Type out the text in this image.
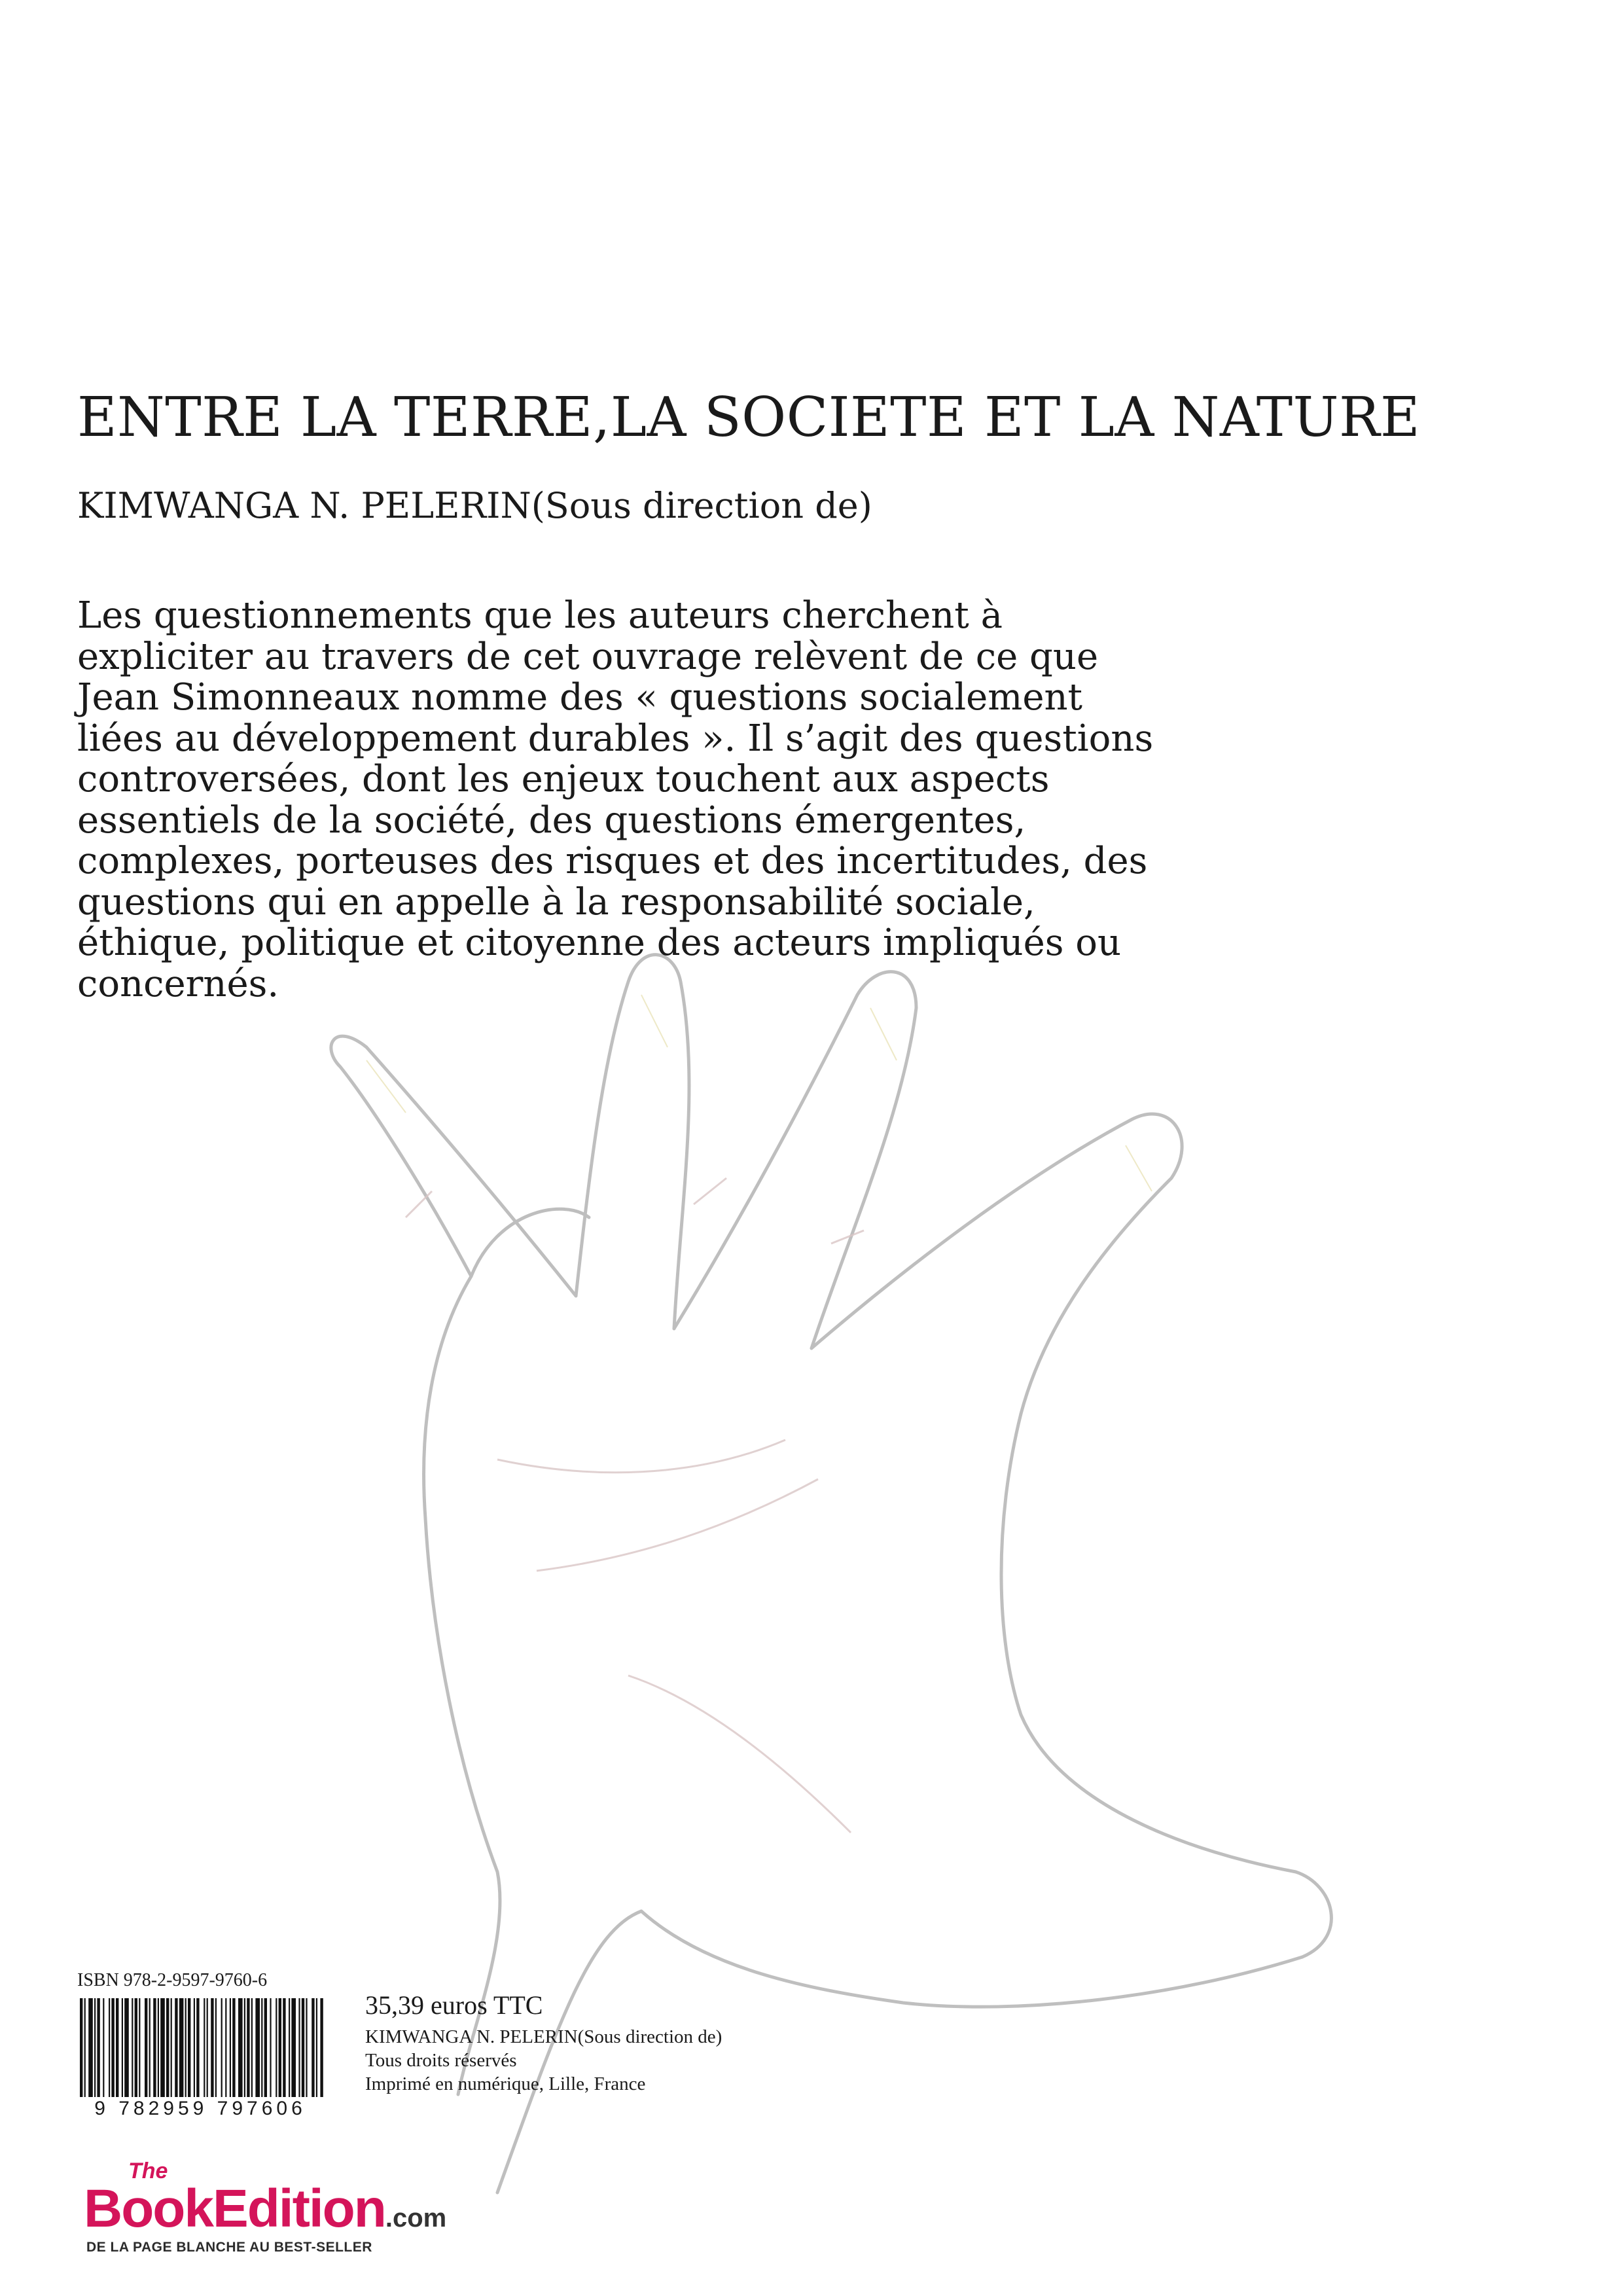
ENTRE LA TERRE,LA SOCIETE ET LA NATURE
KIMWANGA N. PELERIN(Sous direction de)
Les questionnements que les auteurs cherchent à
expliciter au travers de cet ouvrage relèvent de ce que
Jean Simonneaux nomme des « questions socialement
liées au développement durables ». Il s’agit des questions
controversées, dont les enjeux touchent aux aspects
essentiels de la société, des questions émergentes,
complexes, porteuses des risques et des incertitudes, des
questions qui en appelle à la responsabilité sociale,
éthique, politique et citoyenne des acteurs impliqués ou
concernés.
ISBN 978-2-9597-9760-6
9 782959 797606
35,39 euros TTC
KIMWANGA N. PELERIN(Sous direction de)
Tous droits réservés
Imprimé en numérique, Lille, France
The
BookEdition.com
DE LA PAGE BLANCHE AU BEST-SELLER
